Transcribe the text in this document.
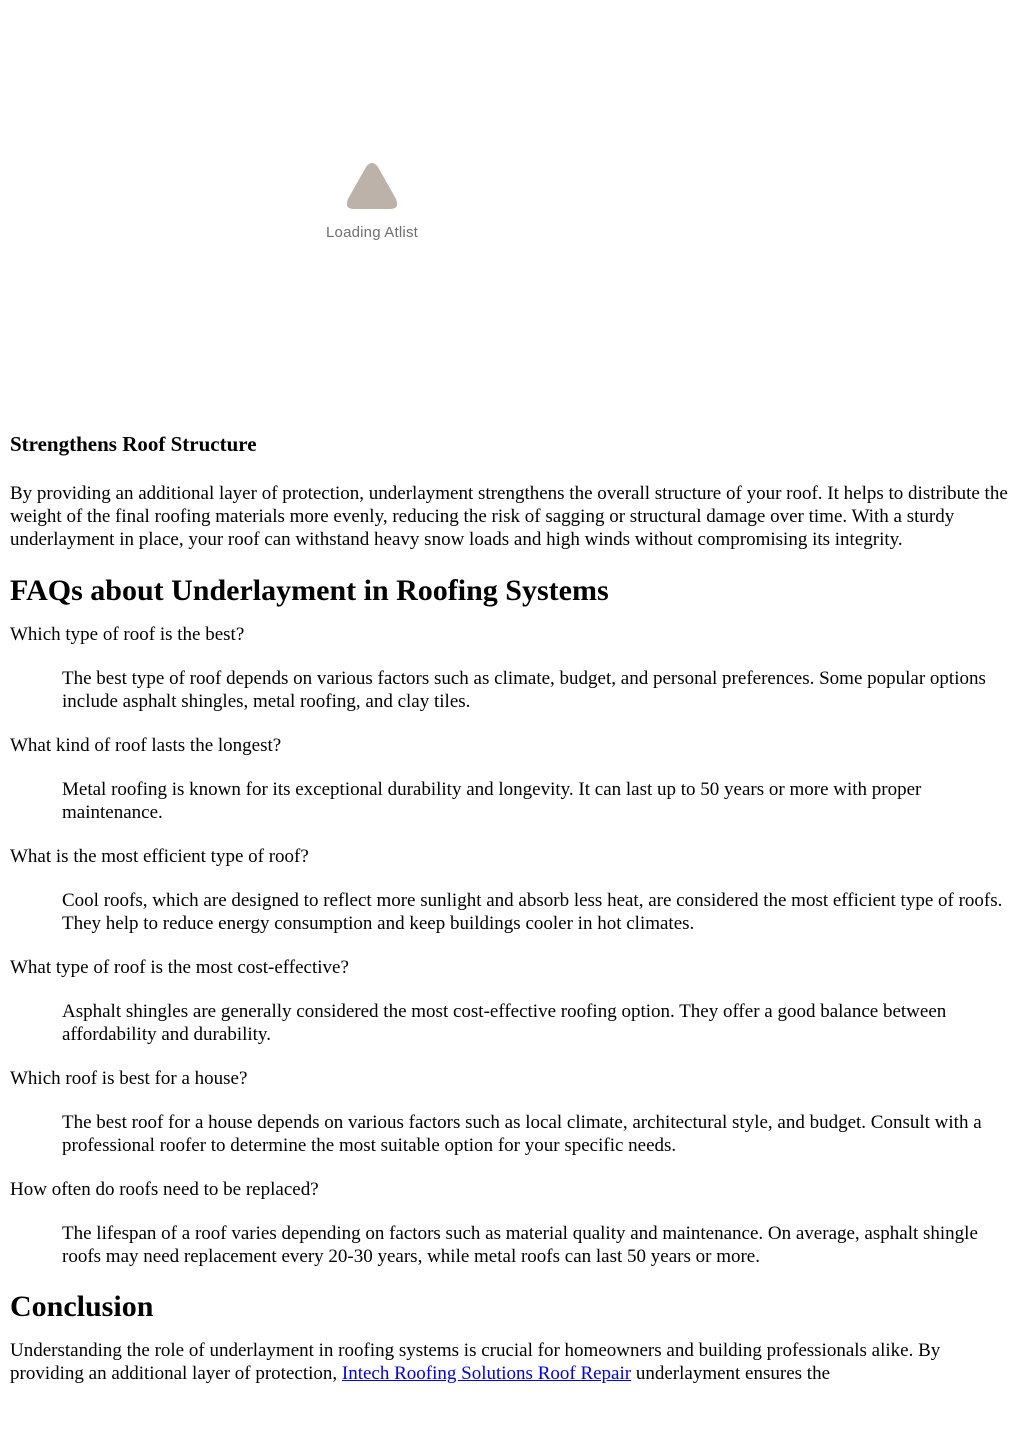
Loading Atlist
Strengthens Roof Structure

By providing an additional layer of protection, underlayment strengthens the overall structure of your roof. It helps to distribute the weight of the final roofing materials more evenly, reducing the risk of sagging or structural damage over time. With a sturdy underlayment in place, your roof can withstand heavy snow loads and high winds without compromising its integrity.

FAQs about Underlayment in Roofing Systems
Which type of roof is the best?
The best type of roof depends on various factors such as climate, budget, and personal preferences. Some popular options include asphalt shingles, metal roofing, and clay tiles.
What kind of roof lasts the longest?
Metal roofing is known for its exceptional durability and longevity. It can last up to 50 years or more with proper maintenance.
What is the most efficient type of roof?
Cool roofs, which are designed to reflect more sunlight and absorb less heat, are considered the most efficient type of roofs. They help to reduce energy consumption and keep buildings cooler in hot climates.
What type of roof is the most cost-effective?
Asphalt shingles are generally considered the most cost-effective roofing option. They offer a good balance between affordability and durability.
Which roof is best for a house?
The best roof for a house depends on various factors such as local climate, architectural style, and budget. Consult with a professional roofer to determine the most suitable option for your specific needs.
How often do roofs need to be replaced?
The lifespan of a roof varies depending on factors such as material quality and maintenance. On average, asphalt shingle roofs may need replacement every 20-30 years, while metal roofs can last 50 years or more.
Conclusion

Understanding the role of underlayment in roofing systems is crucial for homeowners and building professionals alike. By providing an additional layer of protection, Intech Roofing Solutions Roof Repair underlayment ensures the
